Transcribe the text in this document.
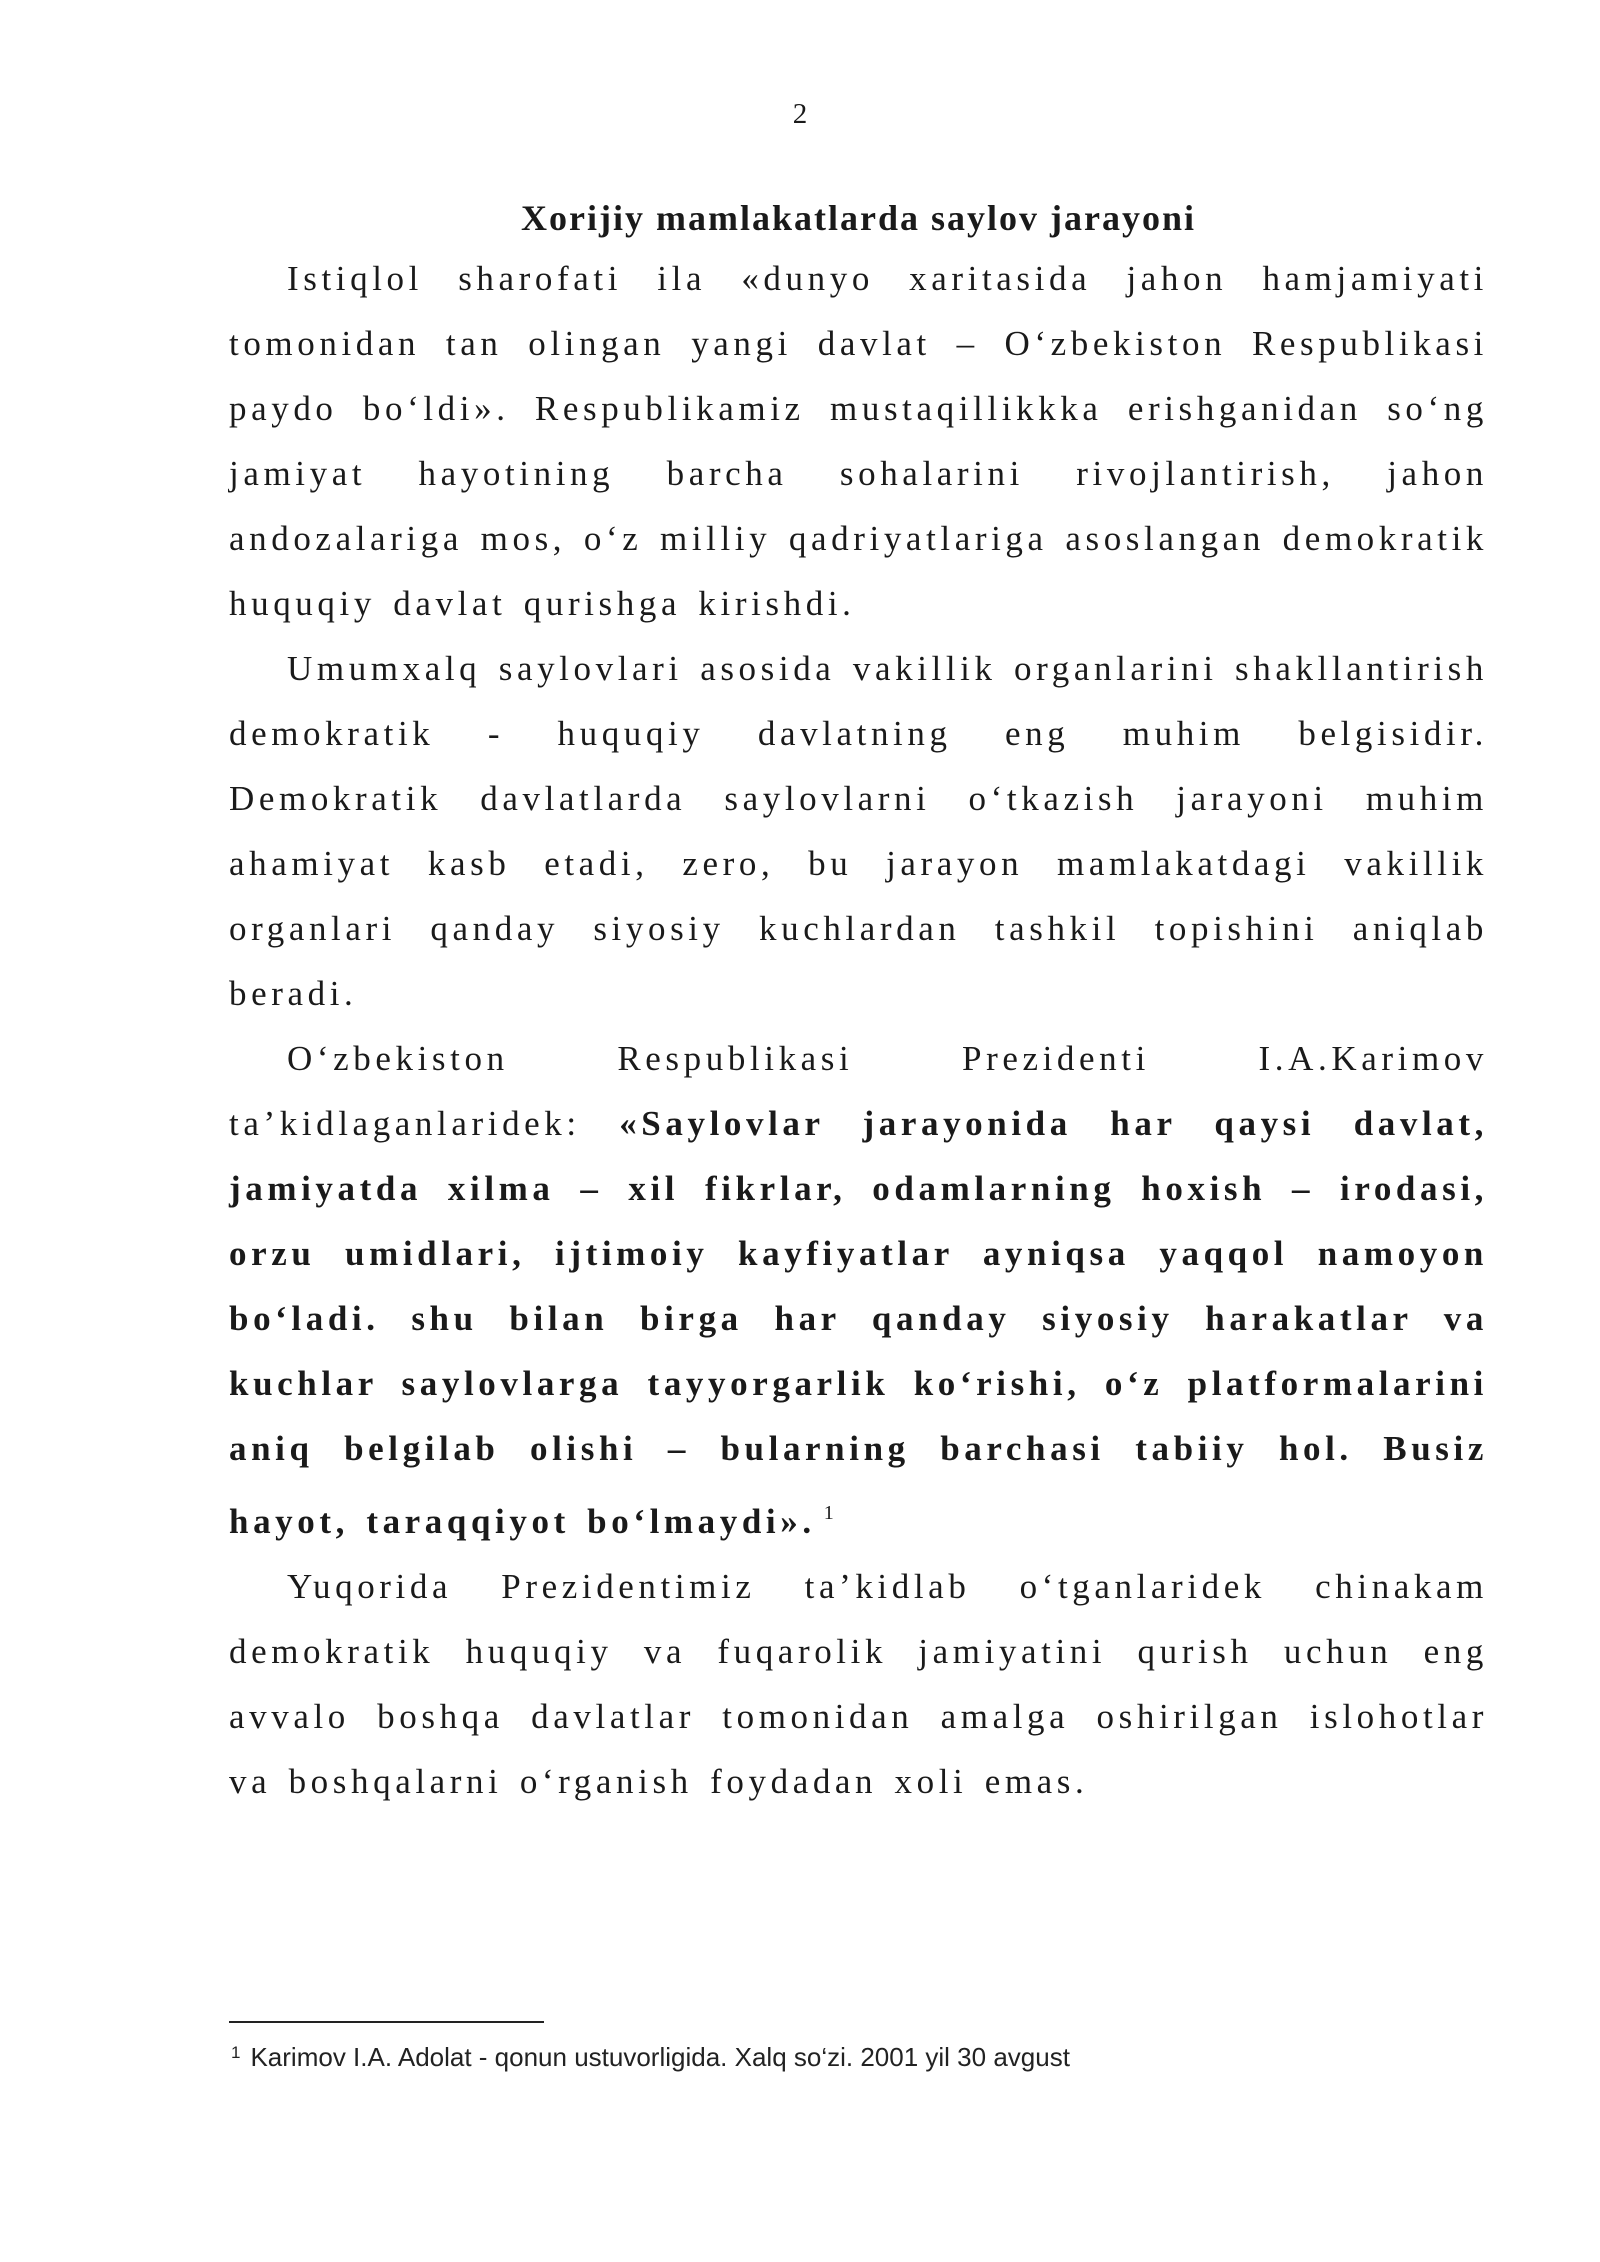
2
Xorijiy mamlakatlarda saylov jarayoni

Istiqlol sharofati ila «dunyo xaritasida jahon hamjamiyati tomonidan tan olingan yangi davlat – O‘zbekiston Respublikasi paydo bo‘ldi». Respublikamiz mustaqillikkka erishganidan so‘ng jamiyat hayotining barcha sohalarini rivojlantirish, jahon andozalariga mos, o‘z milliy qadriyatlariga asoslangan demokratik huquqiy davlat qurishga kirishdi.

Umumxalq saylovlari asosida vakillik organlarini shakllantirish demokratik - huquqiy davlatning eng muhim belgisidir. Demokratik davlatlarda saylovlarni o‘tkazish jarayoni muhim ahamiyat kasb etadi, zero, bu jarayon mamlakatdagi vakillik organlari qanday siyosiy kuchlardan tashkil topishini aniqlab beradi.

O‘zbekiston Respublikasi Prezidenti I.A.Karimov ta’kidlaganlaridek: «Saylovlar jarayonida har qaysi davlat, jamiyatda xilma – xil fikrlar, odamlarning hoxish – irodasi, orzu umidlari, ijtimoiy kayfiyatlar ayniqsa yaqqol namoyon bo‘ladi. shu bilan birga har qanday siyosiy harakatlar va kuchlar saylovlarga tayyorgarlik ko‘rishi, o‘z platformalarini aniq belgilab olishi – bularning barchasi tabiiy hol. Busiz hayot, taraqqiyot bo‘lmaydi». $^1$

Yuqorida Prezidentimiz ta’kidlab o‘tganlaridek chinakam demokratik huquqiy va fuqarolik jamiyatini qurish uchun eng avvalo boshqa davlatlar tomonidan amalga oshirilgan islohotlar va boshqalarni o‘rganish foydadan xoli emas.

$^1$ Karimov I.A. Adolat - qonun ustuvorligida. Xalq so‘zi. 2001 yil 30 avgust
